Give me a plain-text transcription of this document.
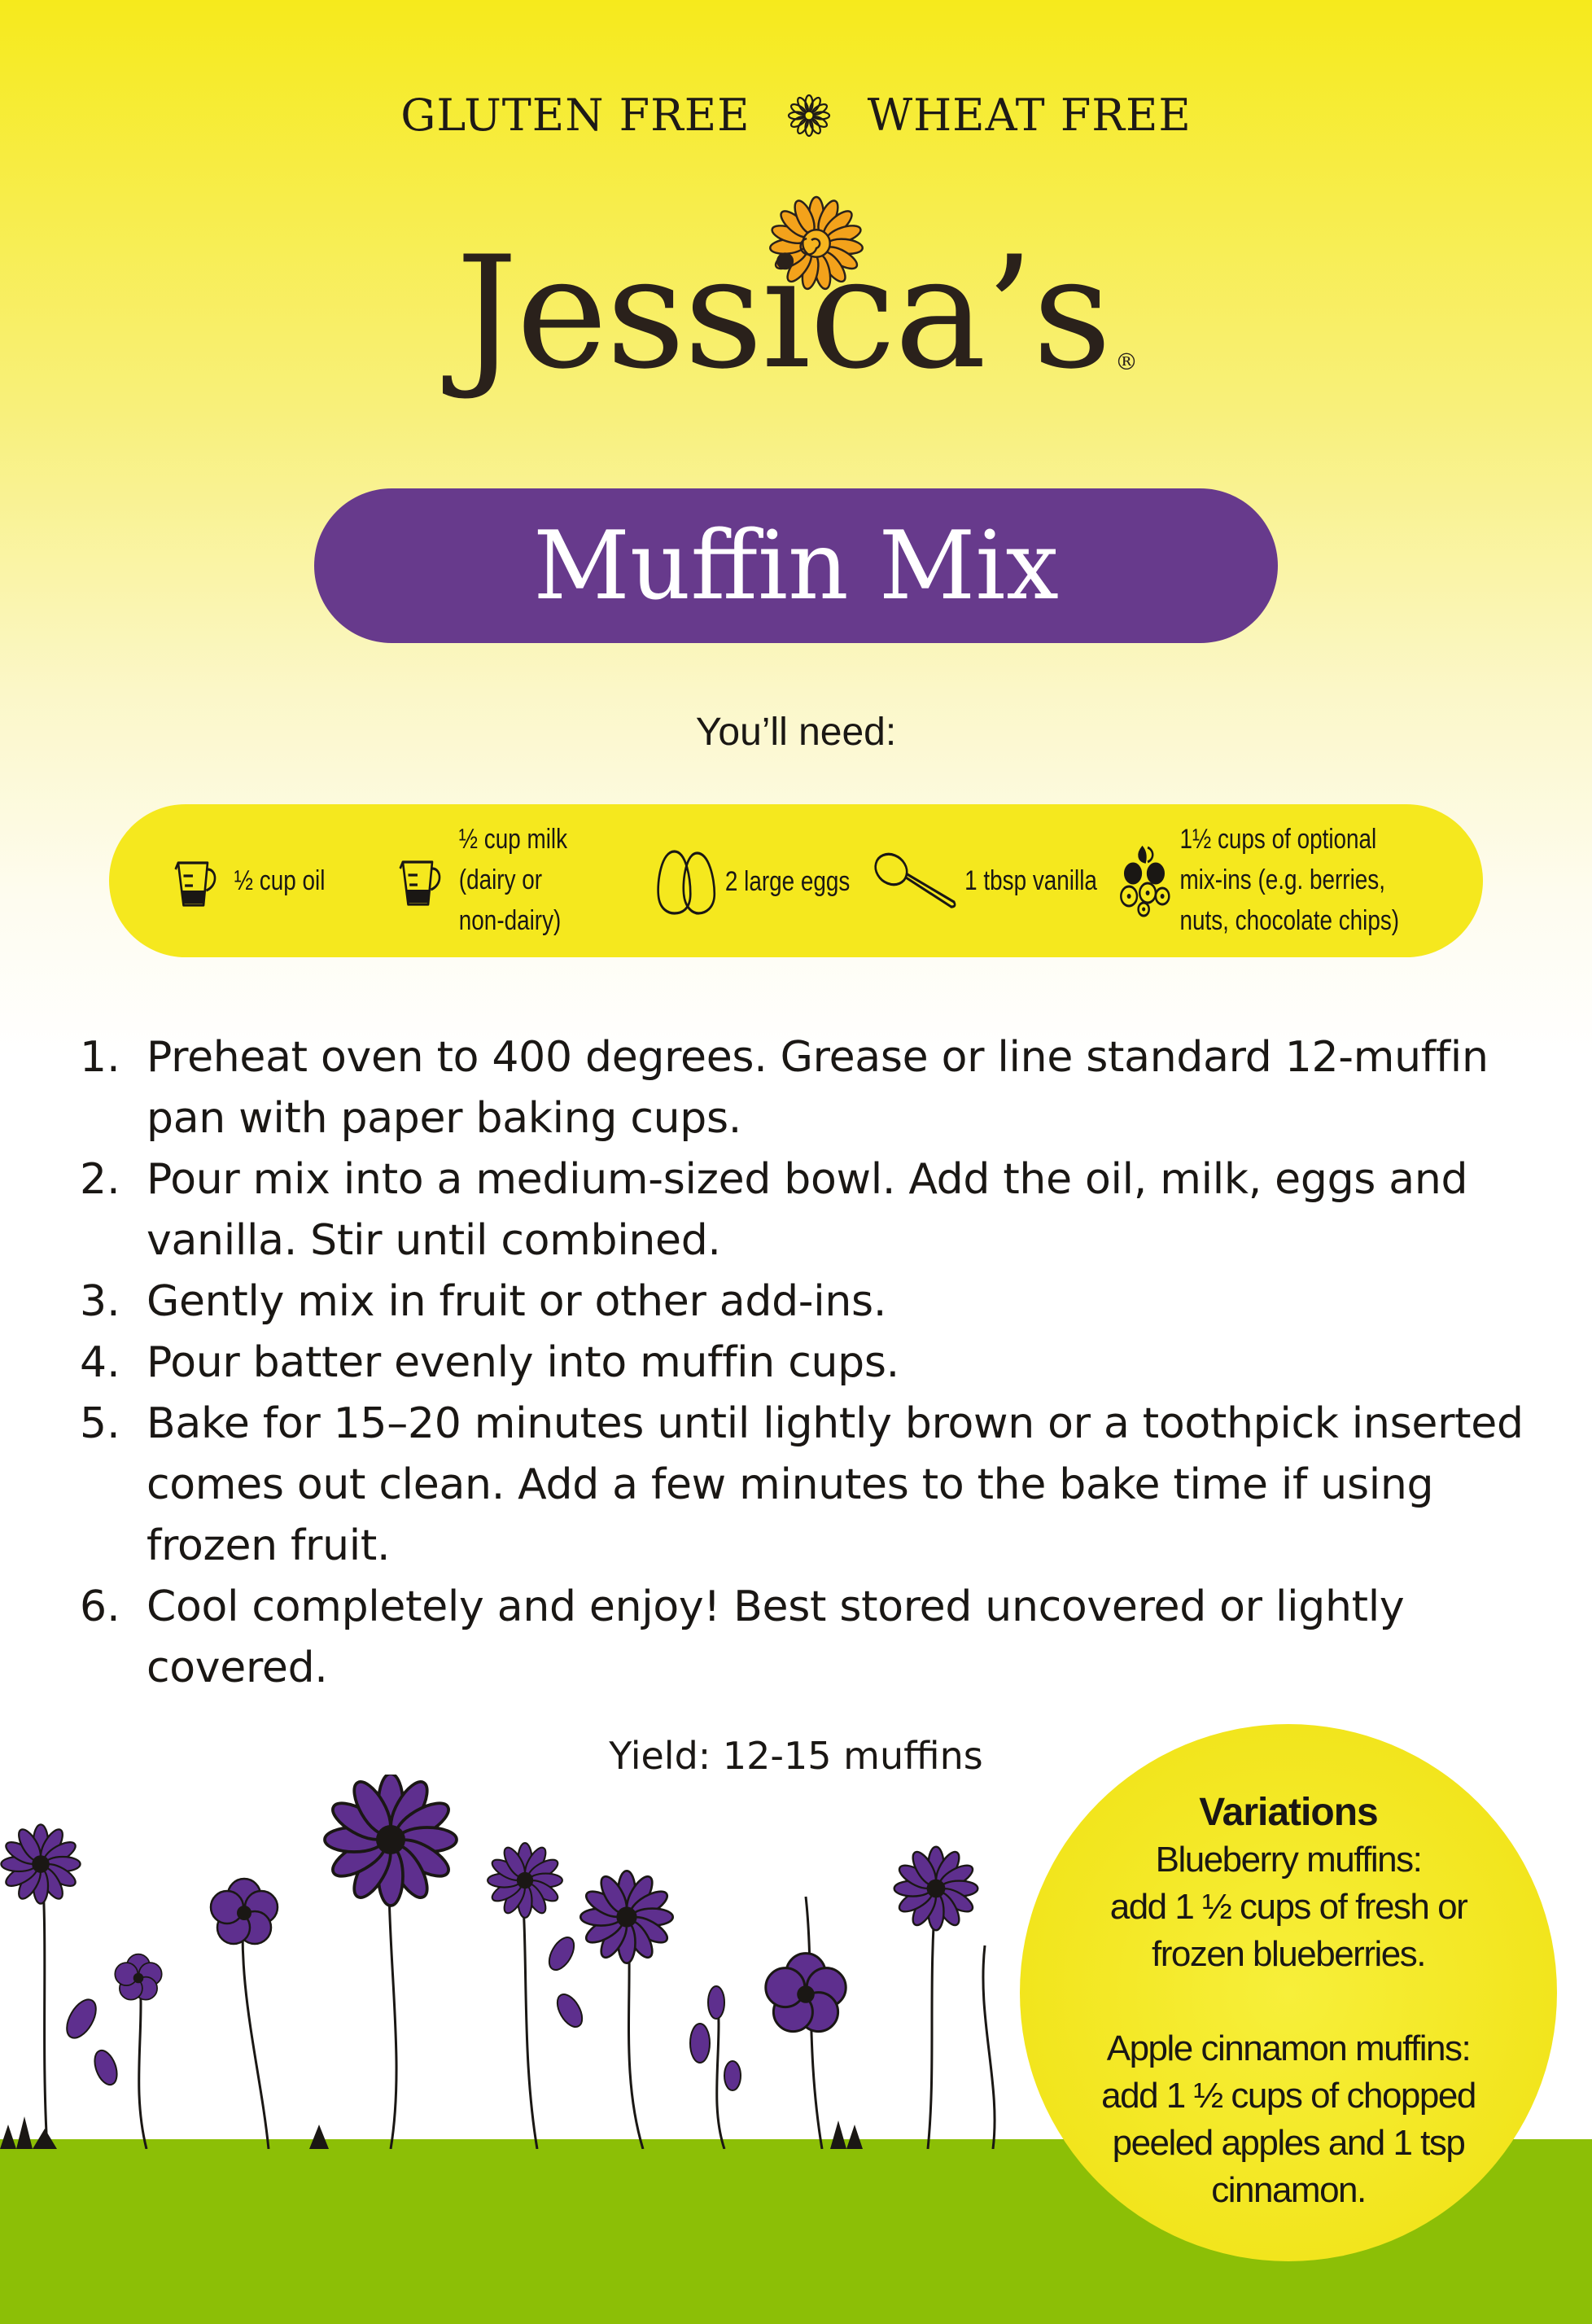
GLUTEN FREE	WHEAT FREE
Jessica’s ®
Muffin Mix
You’ll need:
½ cup oil
½ cup milk
(dairy or
non-dairy)
2 large eggs	1 tbsp vanilla
1½ cups of optional
mix-ins (e.g. berries,
nuts, chocolate chips)
1. Preheat oven to 400 degrees. Grease or line standard 12-muffin pan with paper baking cups.
2. Pour mix into a medium-sized bowl. Add the oil, milk, eggs and vanilla. Stir until combined.
3. Gently mix in fruit or other add-ins.
4. Pour batter evenly into muffin cups.
5. Bake for 15–20 minutes until lightly brown or a toothpick inserted comes out clean. Add a few minutes to the bake time if using frozen fruit.
6. Cool completely and enjoy! Best stored uncovered or lightly covered.
Yield: 12-15 muffins
Variations
Blueberry muffins:
add 1 ½ cups of fresh or
frozen blueberries.
Apple cinnamon muffins:
add 1 ½ cups of chopped
peeled apples and 1 tsp
cinnamon.
